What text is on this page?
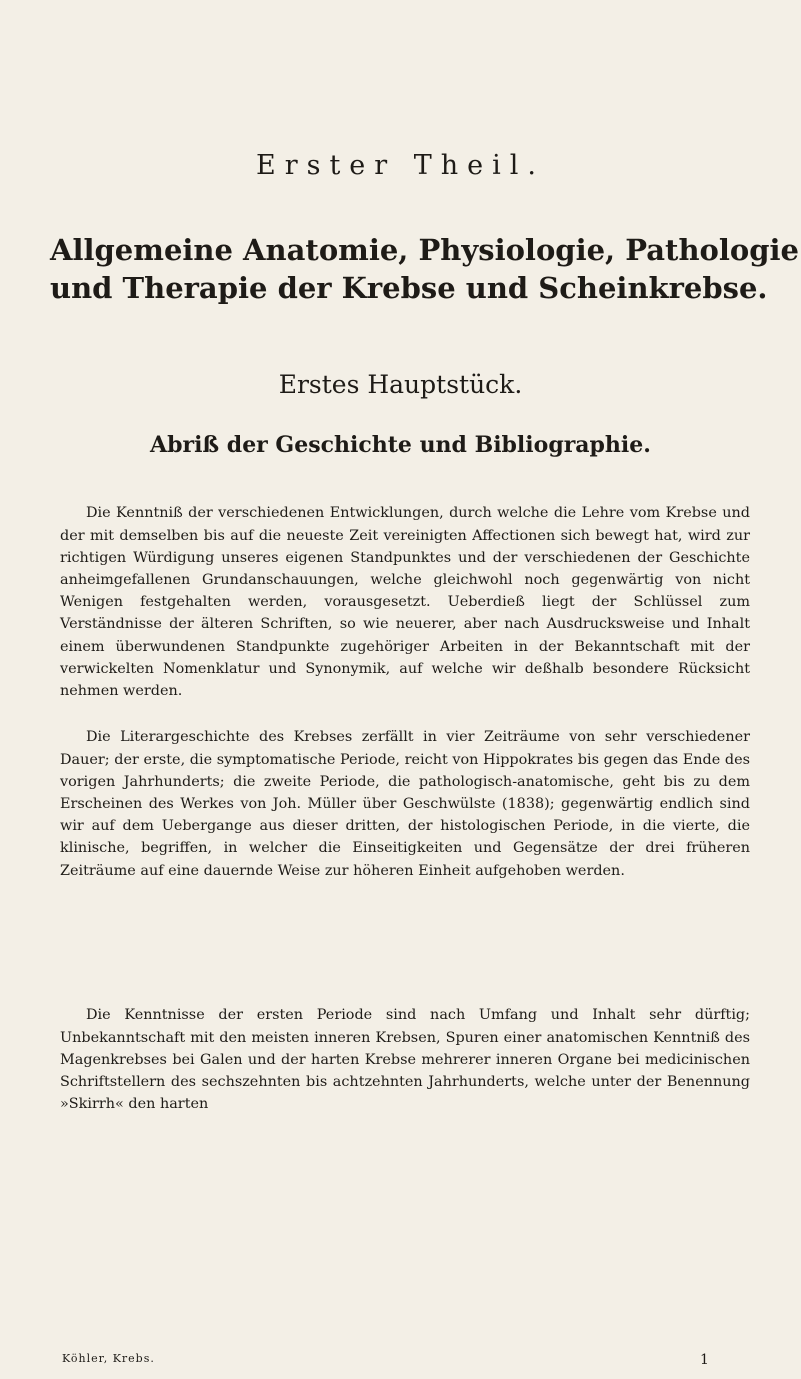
Erster Theil.
Allgemeine Anatomie, Physiologie, Pathologie
und Therapie der Krebse und Scheinkrebse.
Erstes Hauptstück.
Abriß der Geschichte und Bibliographie.

Die Kenntniß der verschiedenen Entwicklungen, durch welche die Lehre vom Krebse und der mit demselben bis auf die neueste Zeit vereinigten Affectionen sich bewegt hat, wird zur richtigen Würdigung unseres eigenen Standpunktes und der verschiedenen der Geschichte anheimgefallenen Grundanschauungen, welche gleichwohl noch gegenwärtig von nicht Wenigen festgehalten werden, vorausgesetzt. Ueberdieß liegt der Schlüssel zum Verständnisse der älteren Schriften, so wie neuerer, aber nach Ausdrucksweise und Inhalt einem überwundenen Standpunkte zugehöriger Arbeiten in der Bekanntschaft mit der verwickelten Nomenklatur und Synonymik, auf welche wir deßhalb besondere Rücksicht nehmen werden.

Die Literargeschichte des Krebses zerfällt in vier Zeiträume von sehr verschiedener Dauer; der erste, die symptomatische Periode, reicht von Hippokrates bis gegen das Ende des vorigen Jahrhunderts; die zweite Periode, die pathologisch-anatomische, geht bis zu dem Erscheinen des Werkes von Joh. Müller über Geschwülste (1838); gegenwärtig endlich sind wir auf dem Uebergange aus dieser dritten, der histologischen Periode, in die vierte, die klinische, begriffen, in welcher die Einseitigkeiten und Gegensätze der drei früheren Zeiträume auf eine dauernde Weise zur höheren Einheit aufgehoben werden.

Die Kenntnisse der ersten Periode sind nach Umfang und Inhalt sehr dürftig; Unbekanntschaft mit den meisten inneren Krebsen, Spuren einer anatomischen Kenntniß des Magenkrebses bei Galen und der harten Krebse mehrerer inneren Organe bei medicinischen Schriftstellern des sechszehnten bis achtzehnten Jahrhunderts, welche unter der Benennung »Skirrh« den harten

Köhler, Krebs.	1
